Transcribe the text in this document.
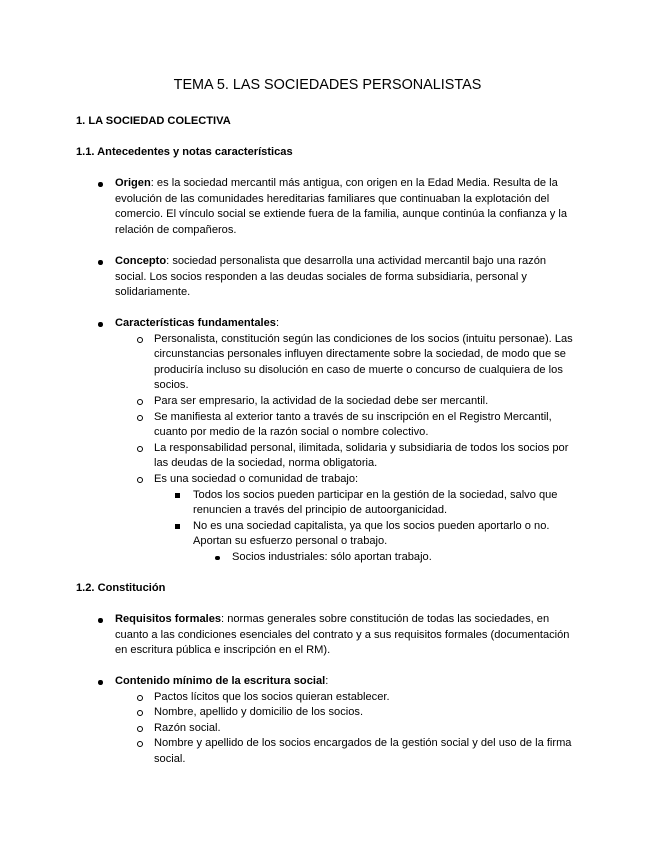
TEMA 5. LAS SOCIEDADES PERSONALISTAS
1. LA SOCIEDAD COLECTIVA
1.1. Antecedentes y notas características
Origen: es la sociedad mercantil más antigua, con origen en la Edad Media. Resulta de la evolución de las comunidades hereditarias familiares que continuaban la explotación del comercio. El vínculo social se extiende fuera de la familia, aunque continúa la confianza y la relación de compañeros.
Concepto: sociedad personalista que desarrolla una actividad mercantil bajo una razón social. Los socios responden a las deudas sociales de forma subsidiaria, personal y solidariamente.
Características fundamentales:
Personalista, constitución según las condiciones de los socios (intuitu personae). Las circunstancias personales influyen directamente sobre la sociedad, de modo que se produciría incluso su disolución en caso de muerte o concurso de cualquiera de los socios.
Para ser empresario, la actividad de la sociedad debe ser mercantil.
Se manifiesta al exterior tanto a través de su inscripción en el Registro Mercantil, cuanto por medio de la razón social o nombre colectivo.
La responsabilidad personal, ilimitada, solidaria y subsidiaria de todos los socios por las deudas de la sociedad, norma obligatoria.
Es una sociedad o comunidad de trabajo:
Todos los socios pueden participar en la gestión de la sociedad, salvo que renuncien a través del principio de autoorganicidad.
No es una sociedad capitalista, ya que los socios pueden aportarlo o no. Aportan su esfuerzo personal o trabajo.
Socios industriales: sólo aportan trabajo.
1.2. Constitución
Requisitos formales: normas generales sobre constitución de todas las sociedades, en cuanto a las condiciones esenciales del contrato y a sus requisitos formales (documentación en escritura pública e inscripción en el RM).
Contenido mínimo de la escritura social:
Pactos lícitos que los socios quieran establecer.
Nombre, apellido y domicilio de los socios.
Razón social.
Nombre y apellido de los socios encargados de la gestión social y del uso de la firma social.
